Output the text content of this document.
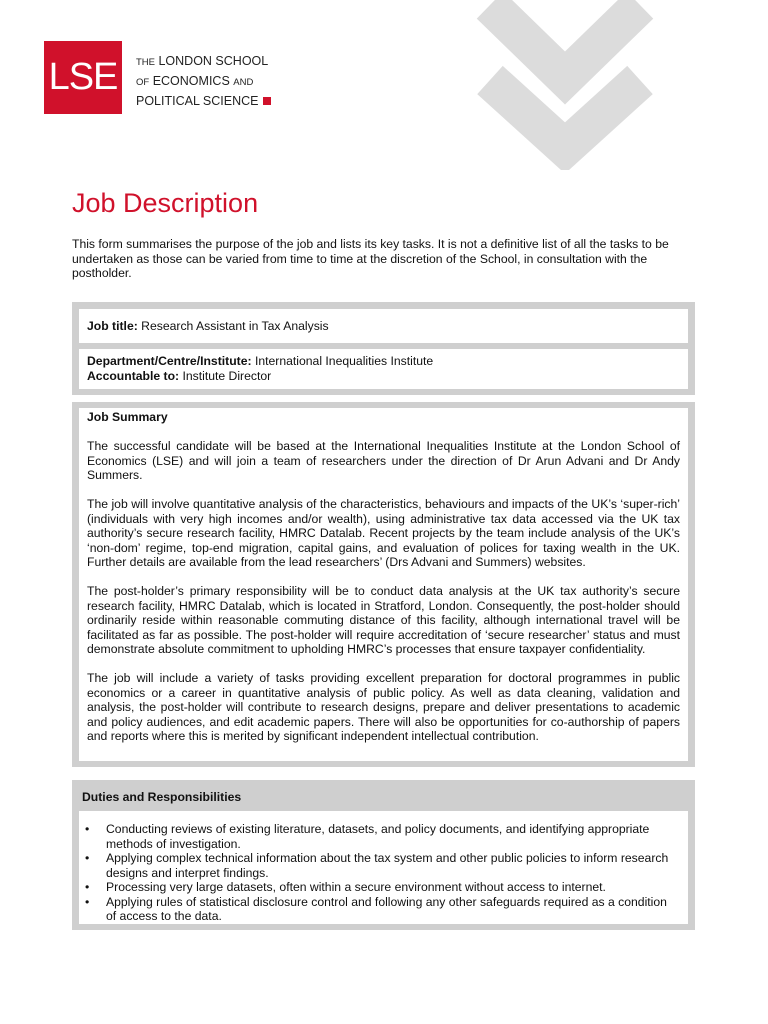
LSE	THE LONDON SCHOOL
OF ECONOMICS AND
POLITICAL SCIENCE
Job Description

This form summarises the purpose of the job and lists its key tasks. It is not a definitive list of all the tasks to be undertaken as those can be varied from time to time at the discretion of the School, in consultation with the postholder.

Job title: Research Assistant in Tax Analysis
Department/Centre/Institute: International Inequalities Institute
Accountable to: Institute Director
Job Summary

The successful candidate will be based at the International Inequalities Institute at the London School of Economics (LSE) and will join a team of researchers under the direction of Dr Arun Advani and Dr Andy Summers.

The job will involve quantitative analysis of the characteristics, behaviours and impacts of the UK’s ‘super-rich’ (individuals with very high incomes and/or wealth), using administrative tax data accessed via the UK tax authority’s secure research facility, HMRC Datalab. Recent projects by the team include analysis of the UK’s ‘non-dom’ regime, top-end migration, capital gains, and evaluation of polices for taxing wealth in the UK. Further details are available from the lead researchers’ (Drs Advani and Summers) websites.

The post-holder’s primary responsibility will be to conduct data analysis at the UK tax authority’s secure research facility, HMRC Datalab, which is located in Stratford, London. Consequently, the post-holder should ordinarily reside within reasonable commuting distance of this facility, although international travel will be facilitated as far as possible. The post-holder will require accreditation of ‘secure researcher’ status and must demonstrate absolute commitment to upholding HMRC’s processes that ensure taxpayer confidentiality.

The job will include a variety of tasks providing excellent preparation for doctoral programmes in public economics or a career in quantitative analysis of public policy. As well as data cleaning, validation and analysis, the post-holder will contribute to research designs, prepare and deliver presentations to academic and policy audiences, and edit academic papers. There will also be opportunities for co-authorship of papers and reports where this is merited by significant independent intellectual contribution.

Duties and Responsibilities
• Conducting reviews of existing literature, datasets, and policy documents, and identifying appropriate methods of investigation.
• Applying complex technical information about the tax system and other public policies to inform research designs and interpret findings.
• Processing very large datasets, often within a secure environment without access to internet.
• Applying rules of statistical disclosure control and following any other safeguards required as a condition of access to the data.
